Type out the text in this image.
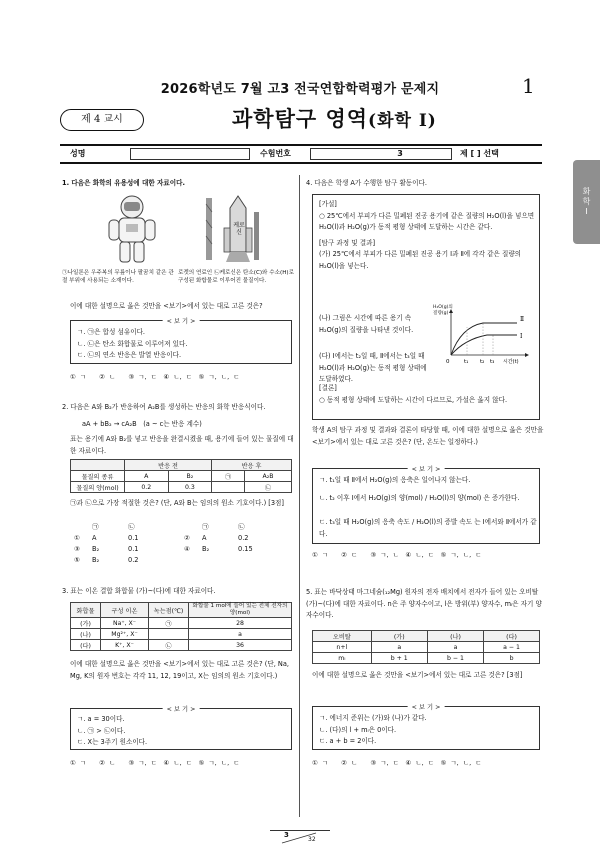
2026학년도 7월 고3 전국연합학력평가 문제지	1
제 4 교시	과학탐구 영역(화학 Ⅰ)
성명	수험번호	3	제 [ ] 선택
화학Ⅰ
1. 다음은 화학의 유용성에 대한 자료이다.
케로신
㉠나일론은 우주복의 무릎이나 팔꿈치 같은 관절 부위에 사용되는 소재이다.
로켓의 연료인 ㉡케로신은 탄소(C)와 수소(H)로 구성된 화합물로 이루어진 물질이다.
이에 대한 설명으로 옳은 것만을 <보기>에서 있는 대로 고른 것은?
< 보 기 >
ㄱ. ㉠은 합성 섬유이다.
ㄴ. ㉡은 탄소 화합물로 이루어져 있다.
ㄷ. ㉡의 연소 반응은 발열 반응이다.
① ㄱ　　② ㄴ　　③ ㄱ, ㄷ　④ ㄴ, ㄷ　⑤ ㄱ, ㄴ, ㄷ
2. 다음은 A와 B₂가 반응하여 A₂B를 생성하는 반응의 화학 반응식이다.
aA + bB₂ → cA₂B　(a ~ c는 반응 계수)
표는 용기에 A와 B₂를 넣고 반응을 완결시켰을 때, 용기에 들어 있는 물질에 대한 자료이다.
	반응 전		반응 후	
물질의 종류	A	B₂	㉠	A₂B
물질의 양(mol)	0.2	0.3		㉡
㉠과 ㉡으로 가장 적절한 것은? (단, A와 B는 임의의 원소 기호이다.) [3점]
㉠	㉡	㉠	㉡
① A	0.1	② A	0.2
③ B₂	0.1	④ B₂	0.15
⑤ B₂	0.2
3. 표는 이온 결합 화합물 (가)~(다)에 대한 자료이다.
화합물	구성 이온	녹는점(℃)	화합물 1 mol에 들어 있는 전체 전자의 양(mol)
(가)	Na⁺, X⁻	㉠	28
(나)	Mg²⁺, X⁻		a
(다)	K⁺, X⁻	㉡	36
이에 대한 설명으로 옳은 것만을 <보기>에서 있는 대로 고른 것은? (단, Na, Mg, K의 원자 번호는 각각 11, 12, 19이고, X는 임의의 원소 기호이다.)
< 보 기 >
ㄱ. a = 30이다.
ㄴ. ㉠ > ㉡이다.
ㄷ. X는 3주기 원소이다.
① ㄱ　　② ㄴ　　③ ㄱ, ㄷ　④ ㄴ, ㄷ　⑤ ㄱ, ㄴ, ㄷ
4. 다음은 학생 A가 수행한 탐구 활동이다.
[가설]
○ 25℃에서 부피가 다른 밀폐된 진공 용기에 같은 질량의 H₂O(l)을 넣으면 H₂O(l)과 H₂O(g)가 동적 평형 상태에 도달하는 시간은 같다.
[탐구 과정 및 결과]
(가) 25℃에서 부피가 다른 밀폐된 진공 용기 Ⅰ과 Ⅱ에 각각 같은 질량의 H₂O(l)을 넣는다.
(나) 그림은 시간에 따른 용기 속 H₂O(g)의 질량을 나타낸 것이다.
(다) Ⅰ에서는 t₂일 때, Ⅱ에서는 t₃일 때 H₂O(l)과 H₂O(g)는 동적 평형 상태에 도달하였다.
Ⅱ
Ⅰ
0	t₁ t₂ t₃ 시간(t)
H₂O(g)의 질량(g)
[결론]
○ 동적 평형 상태에 도달하는 시간이 다르므로, 가설은 옳지 않다.
학생 A의 탐구 과정 및 결과와 결론이 타당할 때, 이에 대한 설명으로 옳은 것만을 <보기>에서 있는 대로 고른 것은? (단, 온도는 일정하다.)
< 보 기 >
ㄱ. t₁일 때 Ⅱ에서 H₂O(g)의 응축은 일어나지 않는다.
ㄴ. t₂ 이후 Ⅰ에서 H₂O(g)의 양(mol) / H₂O(l)의 양(mol) 은 증가한다.
ㄷ. t₃일 때 H₂O(g)의 응축 속도 / H₂O(l)의 증발 속도 는 Ⅰ에서와 Ⅱ에서가 같다.
① ㄱ　　② ㄷ　　③ ㄱ, ㄴ　④ ㄴ, ㄷ　⑤ ㄱ, ㄴ, ㄷ
5. 표는 바닥상태 마그네슘(₁₂Mg) 원자의 전자 배치에서 전자가 들어 있는 오비탈 (가)~(다)에 대한 자료이다. n은 주 양자수이고, l은 방위(부) 양자수, mₗ은 자기 양자수이다.
오비탈	(가)	(나)	(다)
n+l	a	a	a − 1
mₗ	b + 1	b − 1	b
이에 대한 설명으로 옳은 것만을 <보기>에서 있는 대로 고른 것은? [3점]
< 보 기 >
ㄱ. 에너지 준위는 (가)와 (나)가 같다.
ㄴ. (다)의 l + mₗ은 0이다.
ㄷ. a + b = 2이다.
① ㄱ　　② ㄴ　　③ ㄱ, ㄷ　④ ㄴ, ㄷ　⑤ ㄱ, ㄴ, ㄷ
3
32
